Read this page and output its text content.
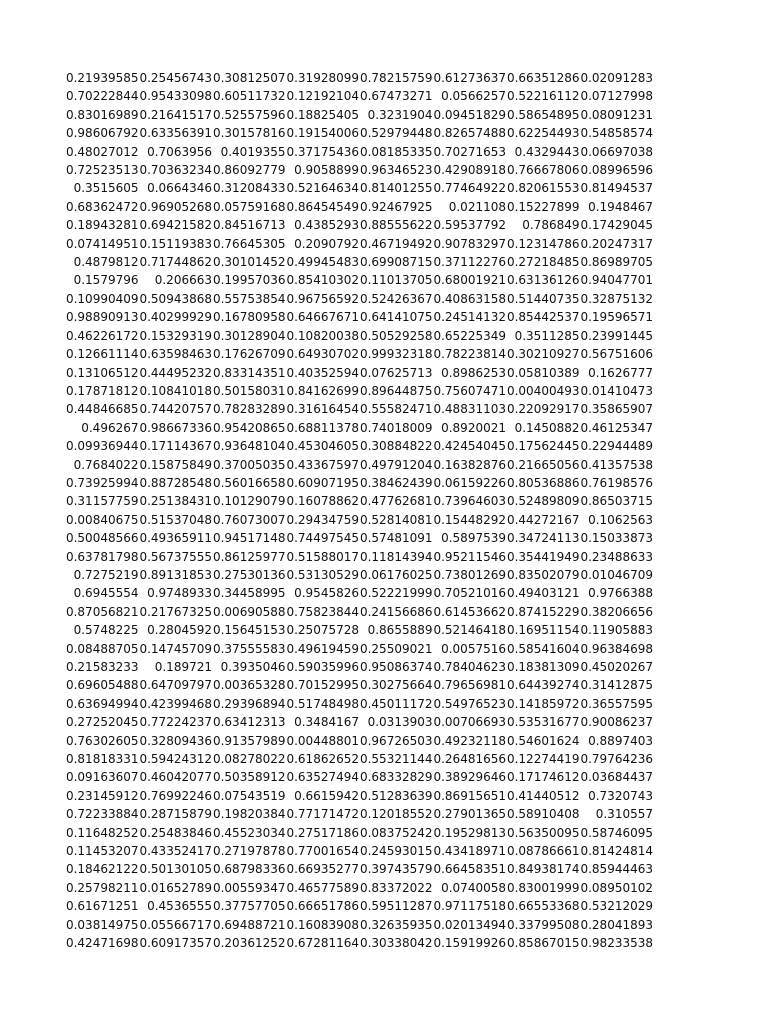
0.21939585	0.25456743	0.30812507	0.31928099	0.78215759	0.61273637	0.66351286	0.02091283
0.70222844	0.95433098	0.60511732	0.12192104	0.67473271	0.0566257	0.52216112	0.07127998
0.83016989	0.21641517	0.52557596	0.18825405	0.3231904	0.09451829	0.58654895	0.08091231
0.98606792	0.63356391	0.30157816	0.19154006	0.52979448	0.82657488	0.62254493	0.54858574
0.48027012	0.7063956	0.4019355	0.37175436	0.08185335	0.70271653	0.4329443	0.06697038
0.72523513	0.70363234	0.86092779	0.9058899	0.96346523	0.42908918	0.76667806	0.08996596
0.3515605	0.0664346	0.31208433	0.52164634	0.81401255	0.77464922	0.82061553	0.81494537
0.68362472	0.96905268	0.05759168	0.86454549	0.92467925	0.021108	0.15227899	0.1948467
0.18943281	0.69421582	0.84516713	0.4385293	0.88555622	0.59537792	0.786849	0.17429045
0.07414951	0.15119383	0.76645305	0.2090792	0.46719492	0.90783297	0.12314786	0.20247317
0.4879812	0.71744862	0.30101452	0.49945483	0.69908715	0.37112276	0.27218485	0.86989705
0.1579796	0.206663	0.19957036	0.85410302	0.11013705	0.68001921	0.63136126	0.94047701
0.10990409	0.50943868	0.55753854	0.96756592	0.52426367	0.40863158	0.51440735	0.32875132
0.98890913	0.40299929	0.16780958	0.64667671	0.64141075	0.24514132	0.85442537	0.19596571
0.46226172	0.15329319	0.30128904	0.10820038	0.50529258	0.65225349	0.3511285	0.23991445
0.12661114	0.63598463	0.17626709	0.64930702	0.99932318	0.78223814	0.30210927	0.56751606
0.13106512	0.44495232	0.83314351	0.40352594	0.07625713	0.8986253	0.05810389	0.1626777
0.17871812	0.10841018	0.50158031	0.84162699	0.89644875	0.75607471	0.00400493	0.01410473
0.44846685	0.74420757	0.78283289	0.31616454	0.55582471	0.48831103	0.22092917	0.35865907
0.496267	0.98667336	0.95420865	0.68811378	0.74018009	0.8920021	0.1450882	0.46125347
0.09936944	0.17114367	0.93648104	0.45304605	0.30884822	0.42454045	0.17562445	0.22944489
0.7684022	0.15875849	0.37005035	0.43367597	0.49791204	0.16382876	0.21665056	0.41357538
0.73925994	0.88728548	0.56016658	0.60907195	0.38462439	0.06159226	0.80536886	0.76198576
0.31157759	0.25138431	0.10129079	0.16078862	0.47762681	0.73964603	0.52489809	0.86503715
0.00840675	0.51537048	0.76073007	0.29434759	0.52814081	0.15448292	0.44272167	0.1062563
0.50048566	0.49365911	0.94517148	0.74497545	0.57481091	0.5897539	0.34724113	0.15033873
0.63781798	0.56737555	0.86125977	0.51588017	0.11814394	0.95211546	0.35441949	0.23488633
0.7275219	0.89131853	0.27530136	0.53130529	0.06176025	0.73801269	0.83502079	0.01046709
0.6945554	0.9748933	0.34458995	0.9545826	0.52221999	0.70521016	0.49403121	0.9766388
0.87056821	0.21767325	0.00690588	0.75823844	0.24156686	0.61453662	0.87415229	0.38206656
0.5748225	0.2804592	0.15645153	0.25075728	0.8655889	0.52146418	0.16951154	0.11905883
0.08488705	0.14745709	0.37555583	0.49619459	0.25509021	0.0057516	0.58541604	0.96384698
0.21583233	0.189721	0.3935046	0.59035996	0.95086374	0.78404623	0.18381309	0.45020267
0.69605488	0.64709797	0.00365328	0.70152995	0.30275664	0.79656981	0.64439274	0.31412875
0.63694994	0.42399468	0.29396894	0.51748498	0.45011172	0.54976523	0.14185972	0.36557595
0.27252045	0.77224237	0.63412313	0.3484167	0.0313903	0.00706693	0.53531677	0.90086237
0.76302605	0.32809436	0.91357989	0.00448801	0.96726503	0.49232118	0.54601624	0.8897403
0.81818331	0.59424312	0.08278022	0.61862652	0.55321144	0.26481656	0.12274419	0.79764236
0.09163607	0.46042077	0.50358912	0.63527494	0.68332829	0.38929646	0.17174612	0.03684437
0.23145912	0.76992246	0.07543519	0.6615942	0.51283639	0.86915651	0.41440512	0.7320743
0.72233884	0.28715879	0.19820384	0.77171472	0.12018552	0.27901365	0.58910408	0.310557
0.11648252	0.25483846	0.45523034	0.27517186	0.08375242	0.19529813	0.56350095	0.58746095
0.11453207	0.43352417	0.27197878	0.77001654	0.24593015	0.43418971	0.08786661	0.81424814
0.18462122	0.50130105	0.68798336	0.66935277	0.39743579	0.66458351	0.84938174	0.85944463
0.25798211	0.01652789	0.00559347	0.46577589	0.83372022	0.0740058	0.83001999	0.08950102
0.61671251	0.4536555	0.37757705	0.66651786	0.59511287	0.97117518	0.66553368	0.53212029
0.03814975	0.05566717	0.69488721	0.16083908	0.32635935	0.02013494	0.33799508	0.28041893
0.42471698	0.60917357	0.20361252	0.67281164	0.30338042	0.15919926	0.85867015	0.98233538
